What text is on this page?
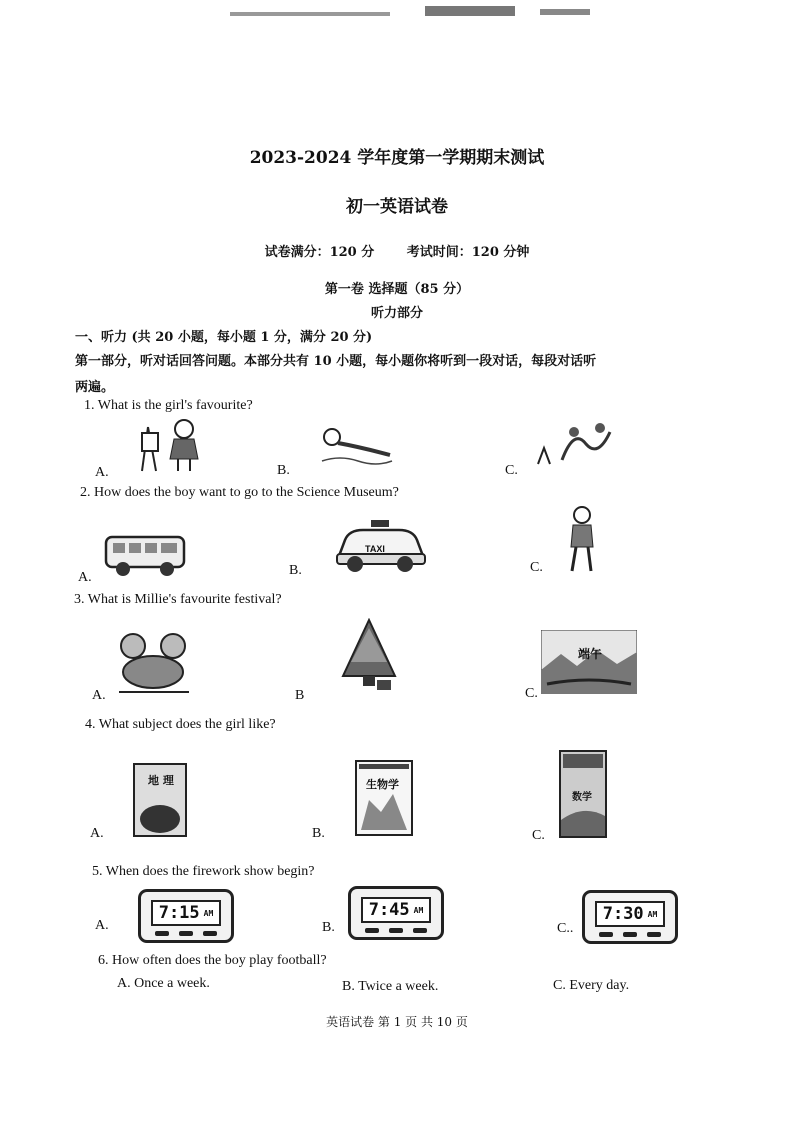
2023-2024 学年度第一学期期末测试
初一英语试卷
试卷满分：120 分	考试时间：120 分钟
第一卷 选择题（85 分）
听力部分
一、听力 (共 20 小题，每小题 1 分，满分 20 分)
第一部分，听对话回答问题。本部分共有 10 小题，每小题你将听到一段对话，每段对话听
两遍。
1. What is the girl's favourite?
A.	B.	C.
2. How does the boy want to go to the Science Museum?
A.	B.	C.
TAXI
3. What is Millie's favourite festival?
A.	B	C.
端午
4. What subject does the girl like?
A.	B.	C.
地 理	生物学
数学
5. When does the firework show begin?
A.	B.	C..
7:15 AM	7:45 AM	7:30 AM
6. How often does the boy play football?
A. Once a week.	B. Twice a week.	C. Every day.
英语试卷 第 1 页 共 10 页
